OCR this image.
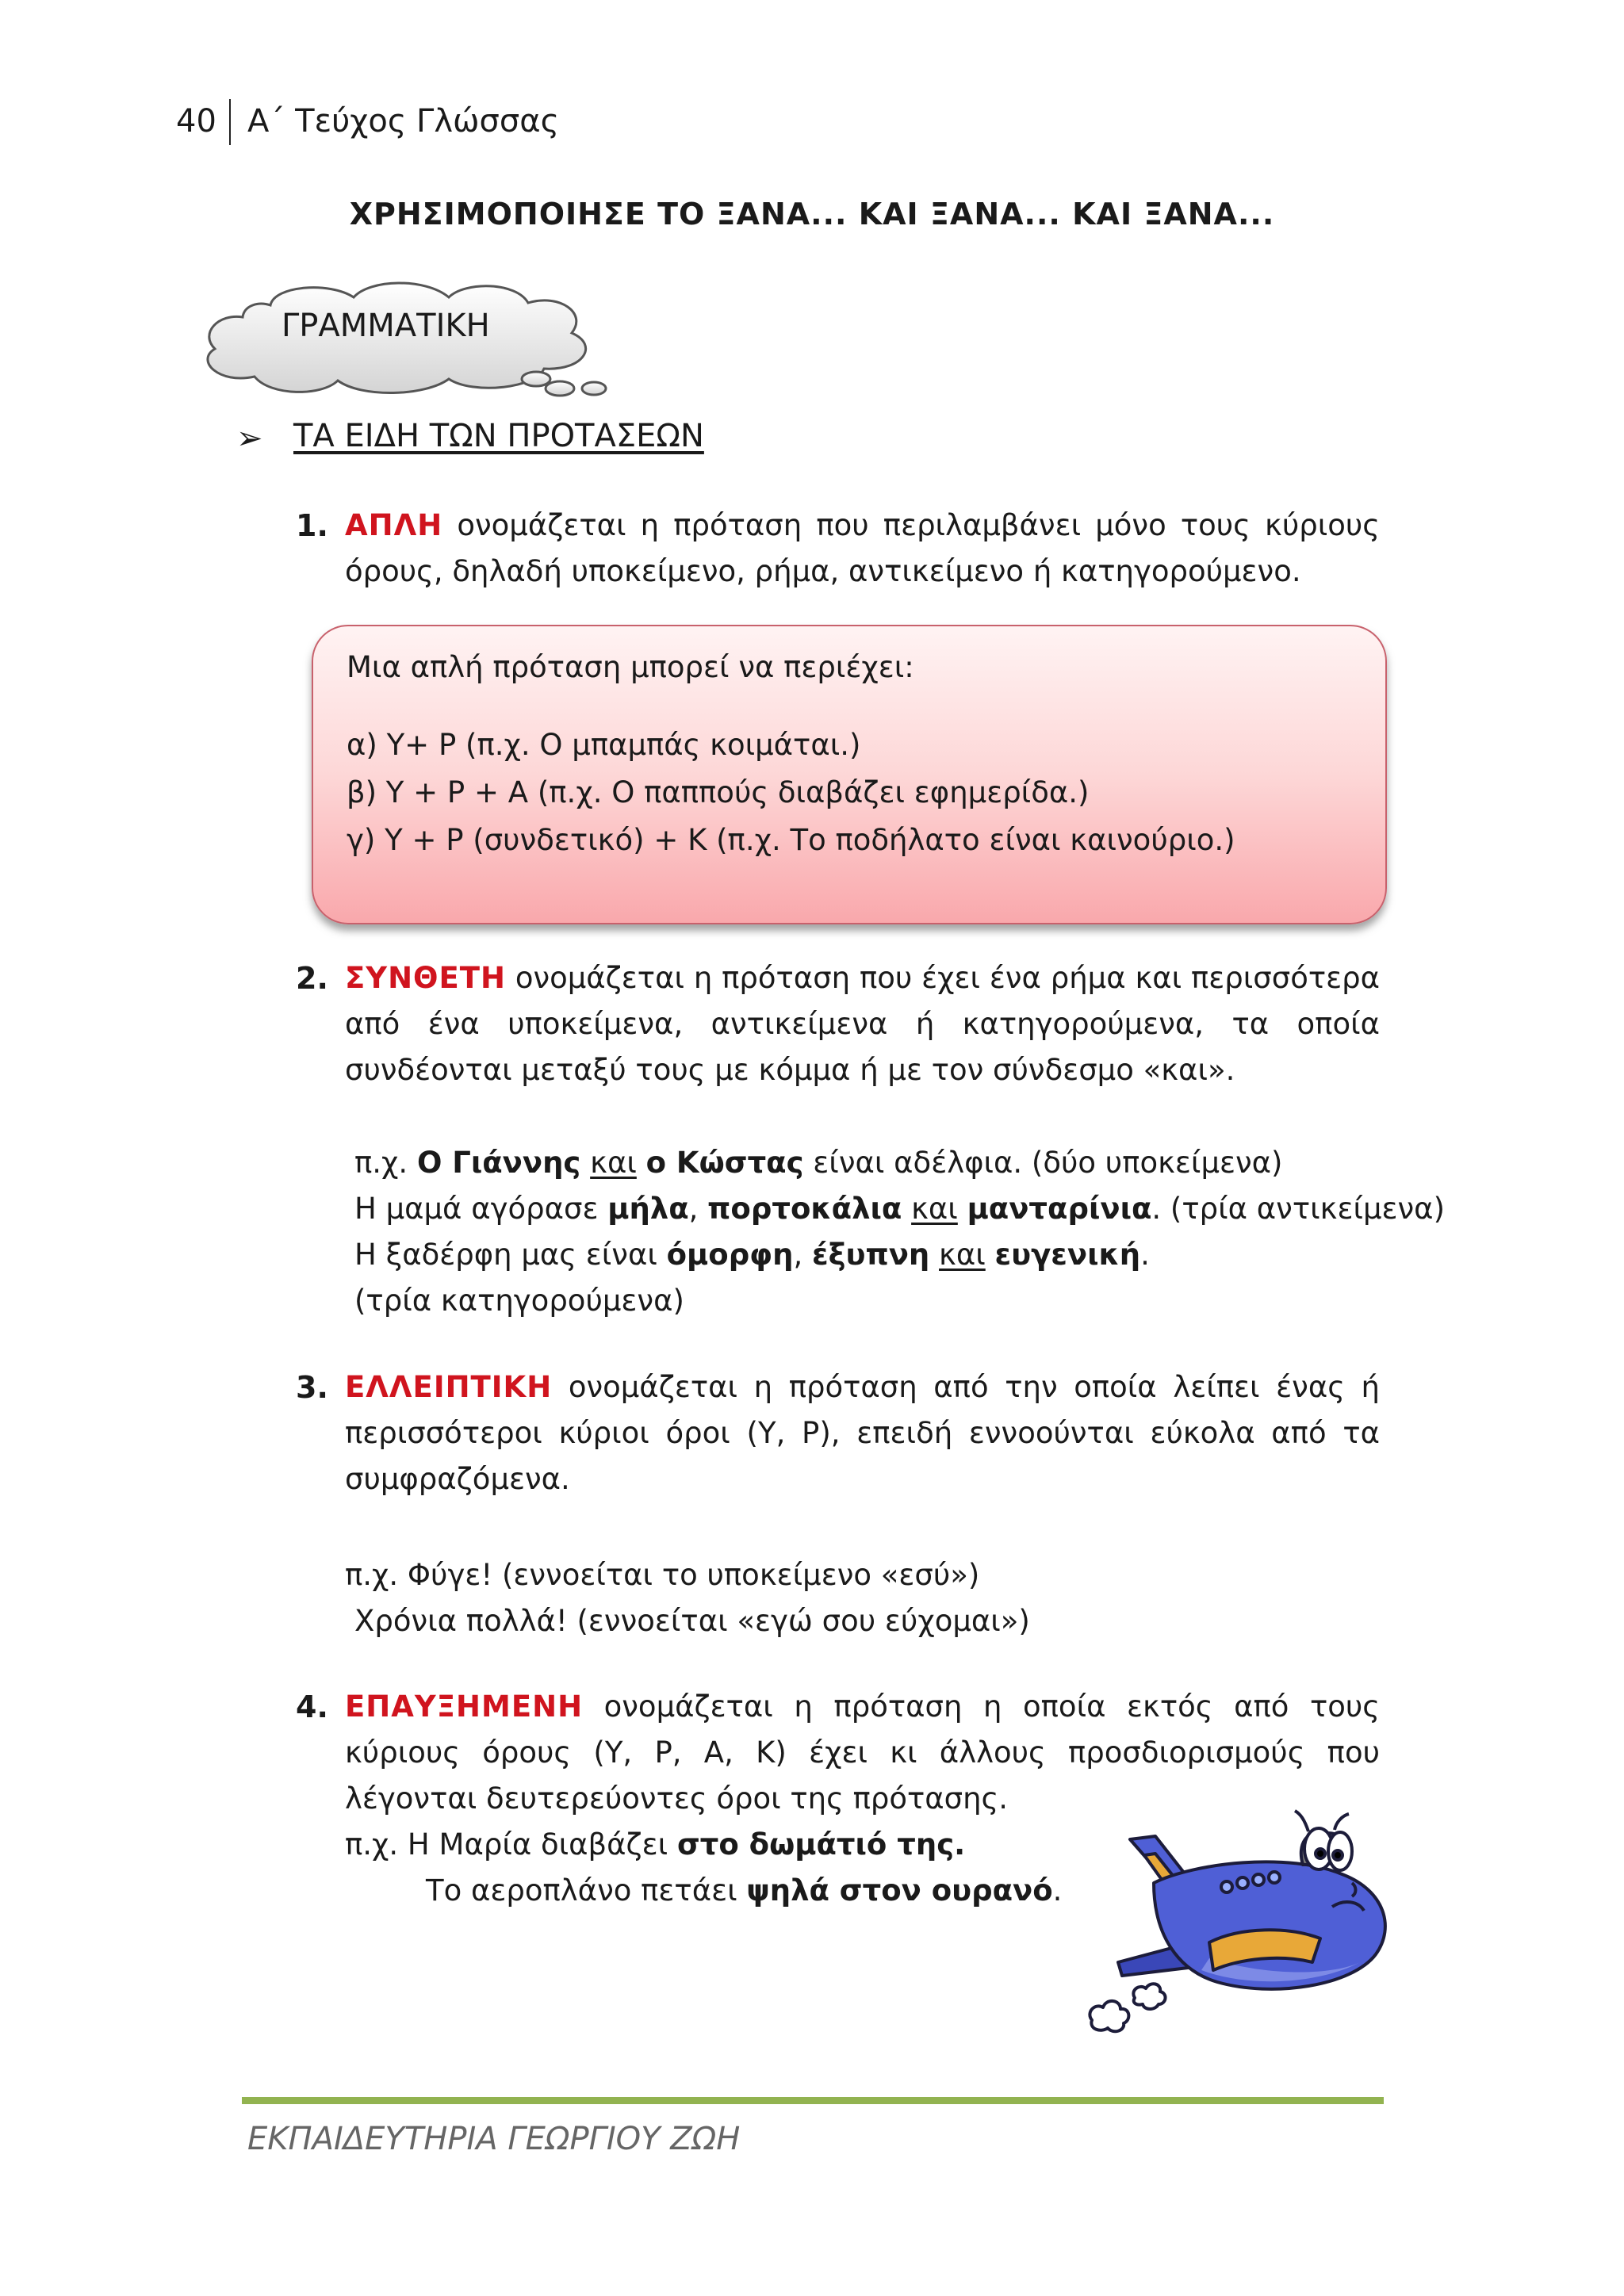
40 Α΄ Τεύχος Γλώσσας
ΧΡΗΣΙΜΟΠΟΙΗΣΕ ΤΟ ΞΑΝΑ... ΚΑΙ ΞΑΝΑ... ΚΑΙ ΞΑΝΑ...
ΓΡΑΜΜΑΤΙΚΗ
➢ ΤΑ ΕΙΔΗ ΤΩΝ ΠΡΟΤΑΣΕΩΝ
1. ΑΠΛΗ ονομάζεται η πρόταση που περιλαμβάνει μόνο τους κύριους όρους, δηλαδή υποκείμενο, ρήμα, αντικείμενο ή κατηγορούμενο.
Μια απλή πρόταση μπορεί να περιέχει:
α) Υ+ Ρ (π.χ. Ο μπαμπάς κοιμάται.)
β) Υ + Ρ + Α (π.χ. Ο παππούς διαβάζει εφημερίδα.)
γ) Υ + Ρ (συνδετικό) + Κ (π.χ. Το ποδήλατο είναι καινούριο.)
2. ΣΥΝΘΕΤΗ ονομάζεται η πρόταση που έχει ένα ρήμα και περισσότερα από ένα υποκείμενα, αντικείμενα ή κατηγορούμενα, τα οποία συνδέονται μεταξύ τους με κόμμα ή με τον σύνδεσμο «και».
π.χ. Ο Γιάννης και ο Κώστας είναι αδέλφια. (δύο υποκείμενα)
Η μαμά αγόρασε μήλα, πορτοκάλια και μανταρίνια. (τρία αντικείμενα)
Η ξαδέρφη μας είναι όμορφη, έξυπνη και ευγενική.
(τρία κατηγορούμενα)
3. ΕΛΛΕΙΠΤΙΚΗ ονομάζεται η πρόταση από την οποία λείπει ένας ή περισσότεροι κύριοι όροι (Υ, Ρ), επειδή εννοούνται εύκολα από τα συμφραζόμενα.
π.χ. Φύγε! (εννοείται το υποκείμενο «εσύ»)
Χρόνια πολλά! (εννοείται «εγώ σου εύχομαι»)
4. ΕΠΑΥΞΗΜΕΝΗ ονομάζεται η πρόταση η οποία εκτός από τους κύριους όρους (Υ, Ρ, Α, Κ) έχει κι άλλους προσδιορισμούς που λέγονται δευτερεύοντες όροι της πρότασης.
π.χ. Η Μαρία διαβάζει στο δωμάτιό της.
Το αεροπλάνο πετάει ψηλά στον ουρανό.
ΕΚΠΑΙΔΕΥΤΗΡΙΑ ΓΕΩΡΓΙΟΥ ΖΩΗ
